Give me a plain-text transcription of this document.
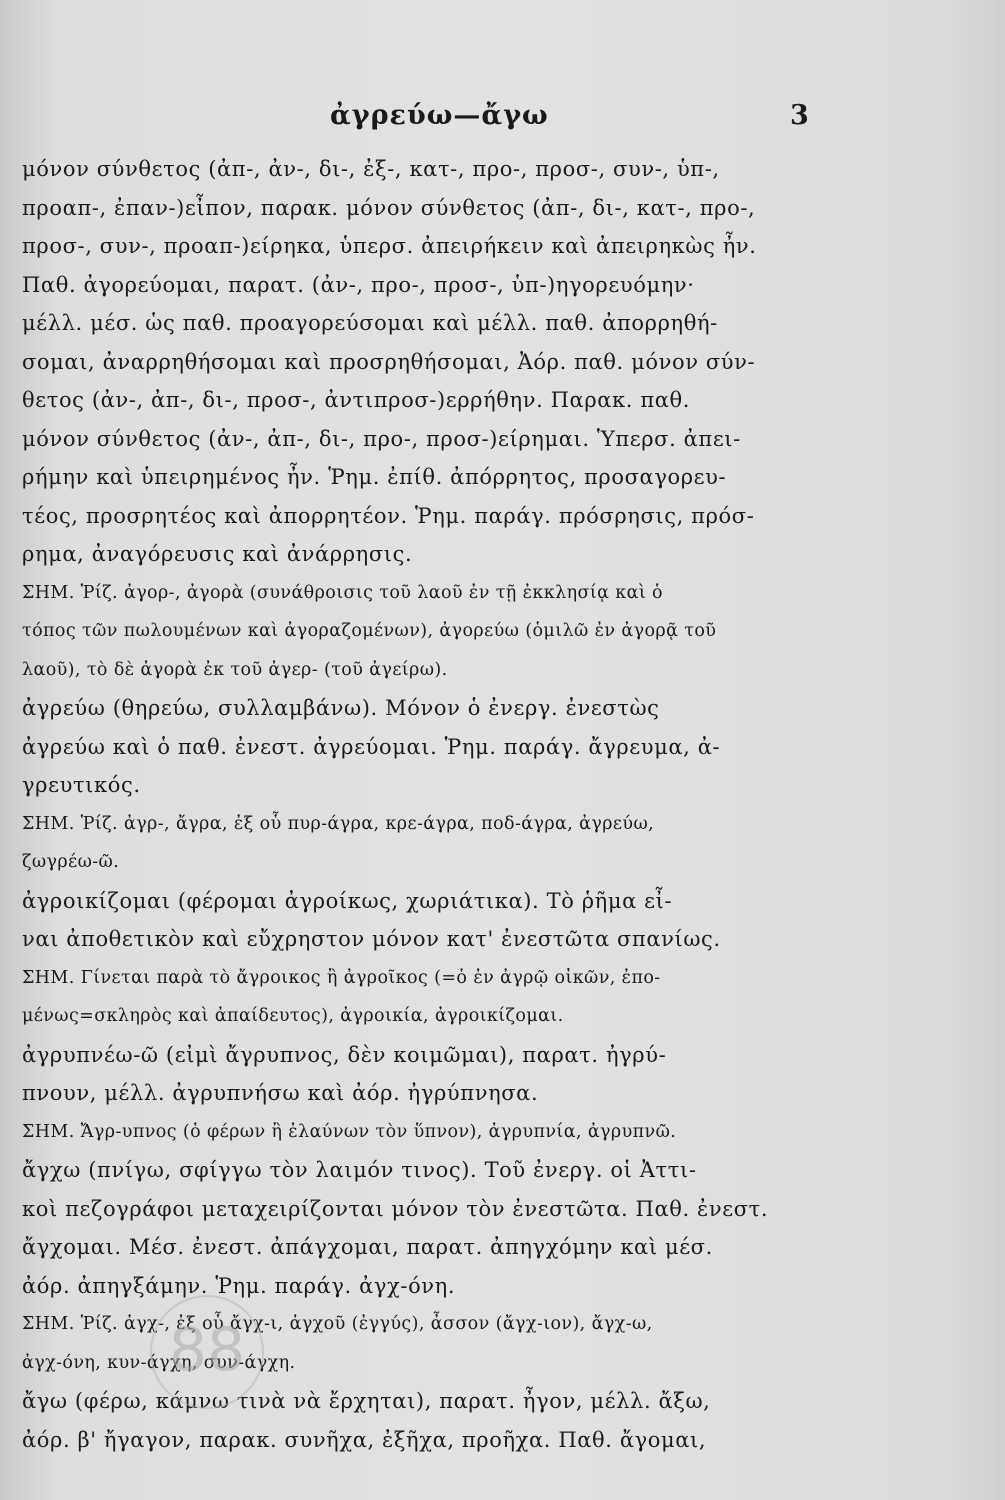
ἀγρεύω—ἄγω	3
μόνον σύνθετος (ἀπ-, ἀν-, δι-, ἐξ-, κατ-, προ-, προσ-, συν-, ὑπ-,
προαπ-, ἐπαν-)εἶπον, παρακ. μόνον σύνθετος (ἀπ-, δι-, κατ-, προ-,
προσ-, συν-, προαπ-)είρηκα, ὑπερσ. ἀπειρήκειν καὶ ἀπειρηκὼς ἦν.
Παθ. ἀγορεύομαι, παρατ. (ἀν-, προ-, προσ-, ὑπ-)ηγορευόμην·
μέλλ. μέσ. ὡς παθ. προαγορεύσομαι καὶ μέλλ. παθ. ἀπορρηθή-
σομαι, ἀναρρηθήσομαι καὶ προσρηθήσομαι, Ἀόρ. παθ. μόνον σύν-
θετος (ἀν-, ἀπ-, δι-, προσ-, ἀντιπροσ-)ερρήθην. Παρακ. παθ.
μόνον σύνθετος (ἀν-, ἀπ-, δι-, προ-, προσ-)είρημαι. Ὑπερσ. ἀπει-
ρήμην καὶ ὑπειρημένος ἦν. Ῥημ. ἐπίθ. ἀπόρρητος, προσαγορευ-
τέος, προσρητέος καὶ ἀπορρητέον. Ῥημ. παράγ. πρόσρησις, πρόσ-
ρημα, ἀναγόρευσις καὶ ἀνάρρησις.
ΣΗΜ. Ῥίζ. ἀγορ-, ἀγορὰ (συνάθροισις τοῦ λαοῦ ἐν τῇ ἐκκλησίᾳ καὶ ὁ
τόπος τῶν πωλουμένων καὶ ἀγοραζομένων), ἀγορεύω (ὁμιλῶ ἐν ἀγορᾷ τοῦ
λαοῦ), τὸ δὲ ἀγορὰ ἐκ τοῦ ἀγερ- (τοῦ ἀγείρω).
ἀγρεύω (θηρεύω, συλλαμβάνω). Μόνον ὁ ἐνεργ. ἐνεστὼς
ἀγρεύω καὶ ὁ παθ. ἐνεστ. ἀγρεύομαι. Ῥημ. παράγ. ἄγρευμα, ἀ-
γρευτικός.
ΣΗΜ. Ῥίζ. ἀγρ-, ἄγρα, ἐξ οὗ πυρ-άγρα, κρε-άγρα, ποδ-άγρα, ἀγρεύω,
ζωγρέω-ῶ.
ἀγροικίζομαι (φέρομαι ἀγροίκως, χωριάτικα). Τὸ ῥῆμα εἶ-
ναι ἀποθετικὸν καὶ εὔχρηστον μόνον κατ' ἐνεστῶτα σπανίως.
ΣΗΜ. Γίνεται παρὰ τὸ ἄγροικος ἢ ἀγροῖκος (=ὁ ἐν ἀγρῷ οἰκῶν, ἐπο-
μένως=σκληρὸς καὶ ἀπαίδευτος), ἀγροικία, ἀγροικίζομαι.
ἀγρυπνέω-ῶ (εἰμὶ ἄγρυπνος, δὲν κοιμῶμαι), παρατ. ἠγρύ-
πνουν, μέλλ. ἀγρυπνήσω καὶ ἀόρ. ἠγρύπνησα.
ΣΗΜ. Ἄγρ-υπνος (ὁ φέρων ἢ ἐλαύνων τὸν ὕπνον), ἀγρυπνία, ἀγρυπνῶ.
ἄγχω (πνίγω, σφίγγω τὸν λαιμόν τινος). Τοῦ ἐνεργ. οἱ Ἀττι-
κοὶ πεζογράφοι μεταχειρίζονται μόνον τὸν ἐνεστῶτα. Παθ. ἐνεστ.
ἄγχομαι. Μέσ. ἐνεστ. ἀπάγχομαι, παρατ. ἀπηγχόμην καὶ μέσ.
ἀόρ. ἀπηγξάμην. Ῥημ. παράγ. ἀγχ-όνη.
ΣΗΜ. Ῥίζ. ἀγχ-, ἐξ οὗ ἄγχ-ι, ἀγχοῦ (ἐγγύς), ἆσσον (ἄγχ-ιον), ἄγχ-ω,
ἀγχ-όνη, κυν-άγχη, συν-άγχη.
ἄγω (φέρω, κάμνω τινὰ νὰ ἔρχηται), παρατ. ἦγον, μέλλ. ἄξω,
ἀόρ. β' ἤγαγον, παρακ. συνῆχα, ἐξῆχα, προῆχα. Παθ. ἄγομαι,
88
